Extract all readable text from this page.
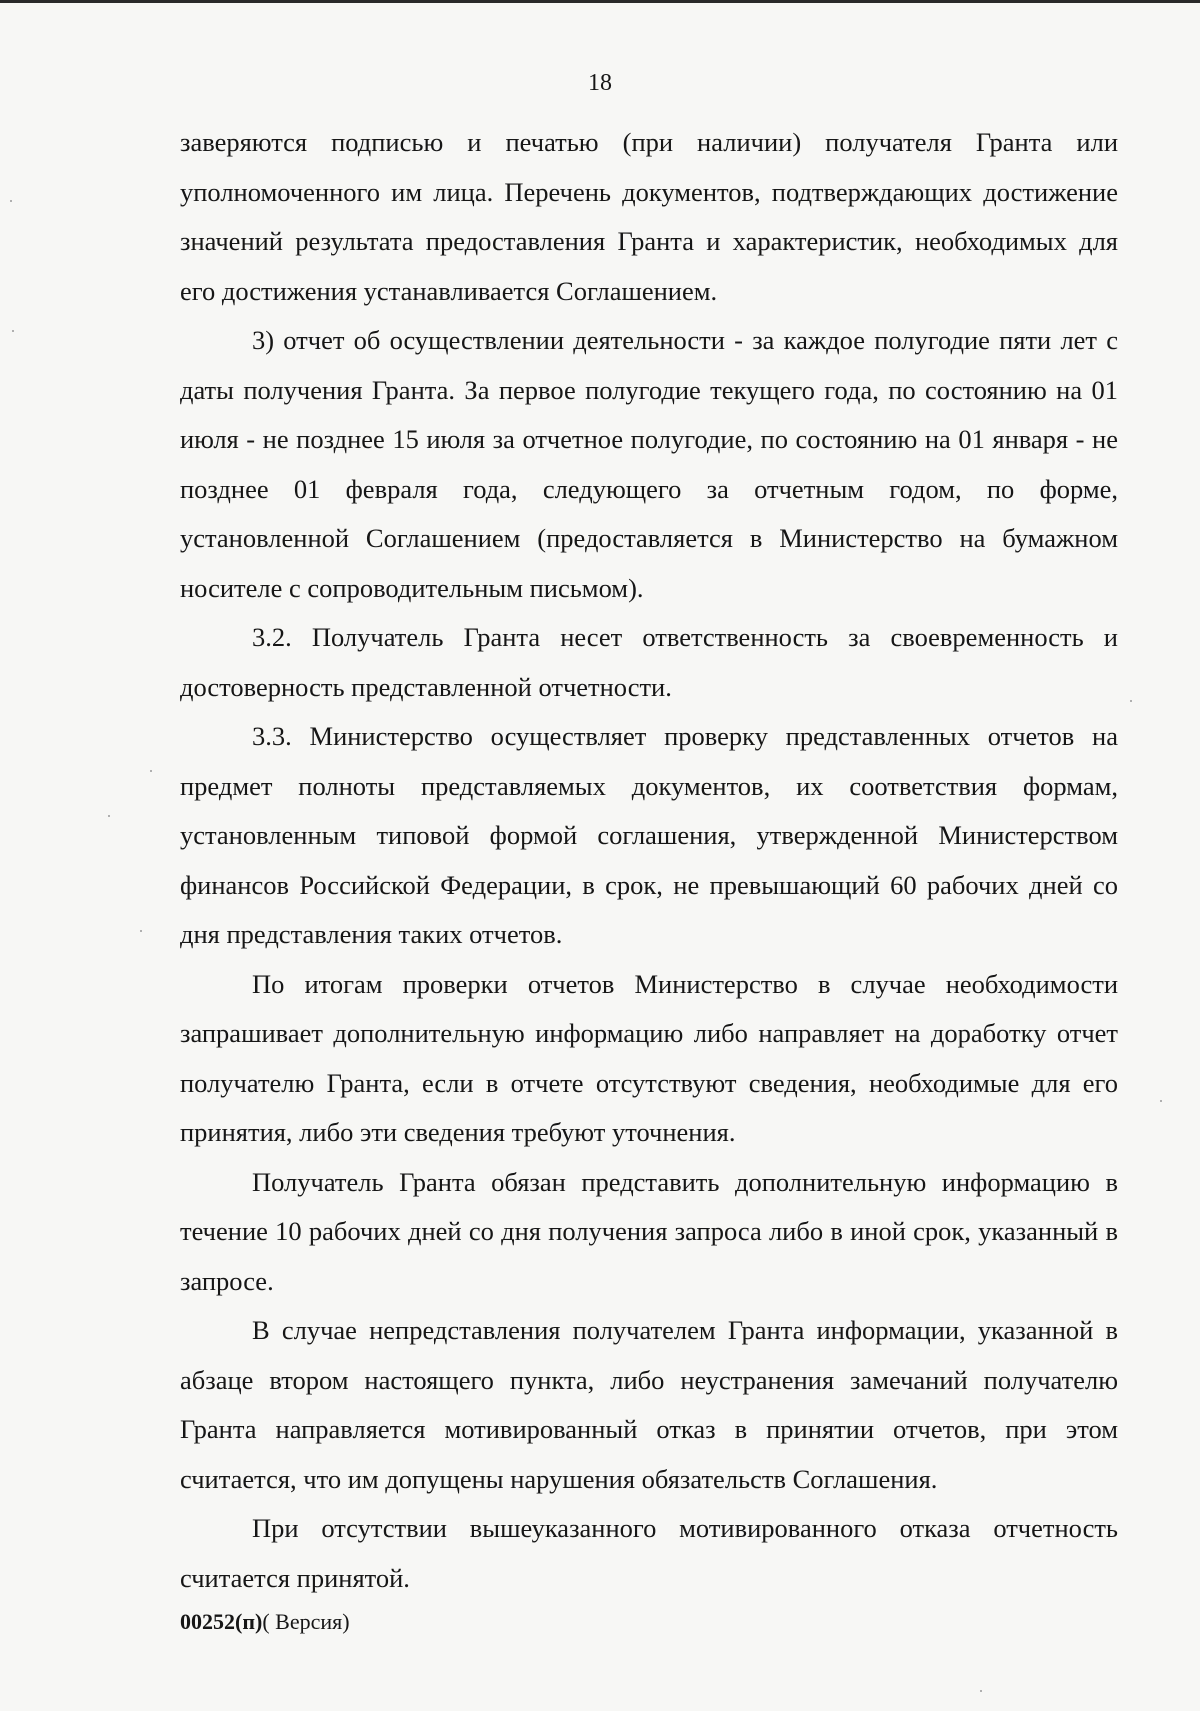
18

заверяются подписью и печатью (при наличии) получателя Гранта или уполномоченного им лица. Перечень документов, подтверждающих достижение значений результата предоставления Гранта и характеристик, необходимых для его достижения устанавливается Соглашением.

3) отчет об осуществлении деятельности - за каждое полугодие пяти лет с даты получения Гранта. За первое полугодие текущего года, по состоянию на 01 июля - не позднее 15 июля за отчетное полугодие, по состоянию на 01 января - не позднее 01 февраля года, следующего за отчетным годом, по форме, установленной Соглашением (предоставляется в Министерство на бумажном носителе с сопроводительным письмом).

3.2. Получатель Гранта несет ответственность за своевременность и достоверность представленной отчетности.

3.3. Министерство осуществляет проверку представленных отчетов на предмет полноты представляемых документов, их соответствия формам, установленным типовой формой соглашения, утвержденной Министерством финансов Российской Федерации, в срок, не превышающий 60 рабочих дней со дня представления таких отчетов.

По итогам проверки отчетов Министерство в случае необходимости запрашивает дополнительную информацию либо направляет на доработку отчет получателю Гранта, если в отчете отсутствуют сведения, необходимые для его принятия, либо эти сведения требуют уточнения.

Получатель Гранта обязан представить дополнительную информацию в течение 10 рабочих дней со дня получения запроса либо в иной срок, указанный в запросе.

В случае непредставления получателем Гранта информации, указанной в абзаце втором настоящего пункта, либо неустранения замечаний получателю Гранта направляется мотивированный отказ в принятии отчетов, при этом считается, что им допущены нарушения обязательств Соглашения.

При отсутствии вышеуказанного мотивированного отказа отчетность считается принятой.

00252(п)( Версия)
